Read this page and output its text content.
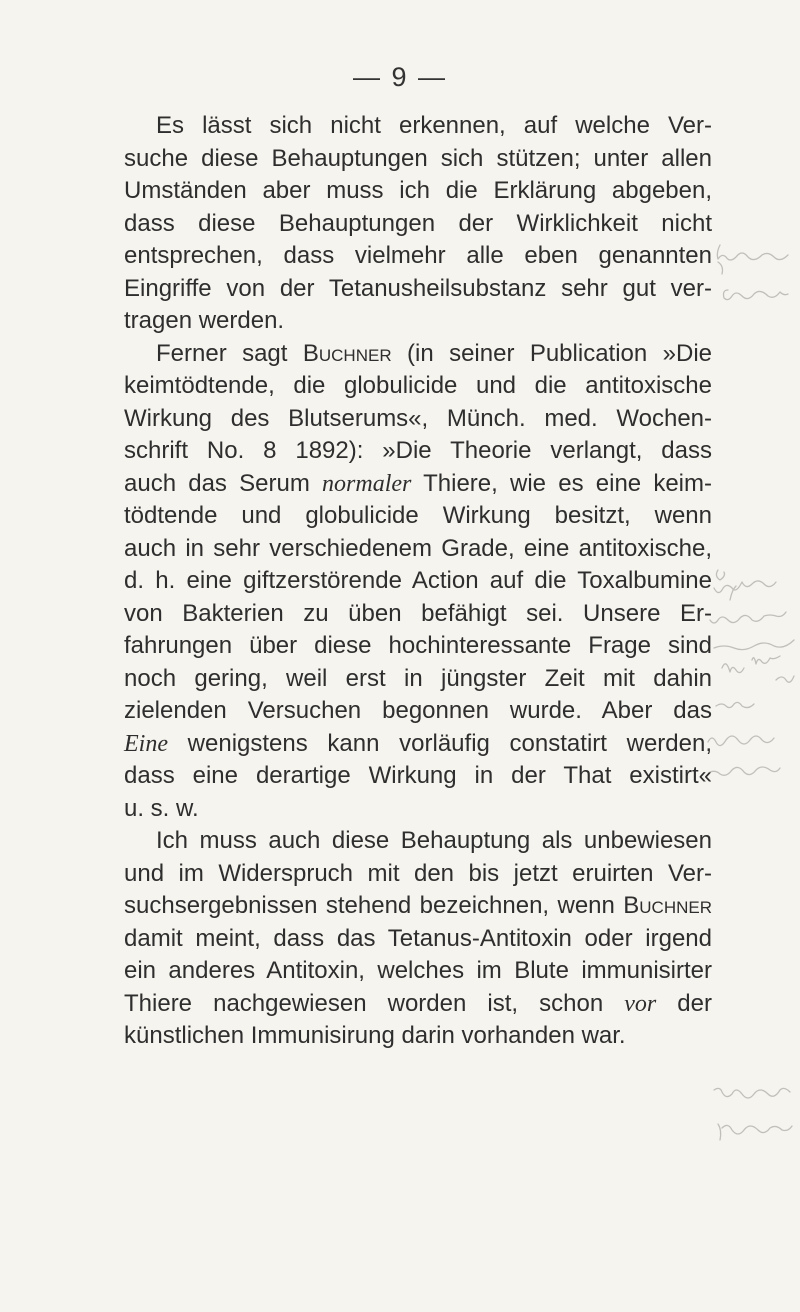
— 9 —
Es lässt sich nicht erkennen, auf welche Ver-
suche diese Behauptungen sich stützen; unter allen
Umständen aber muss ich die Erklärung abgeben,
dass diese Behauptungen der Wirklichkeit nicht
entsprechen, dass vielmehr alle eben genannten
Eingriffe von der Tetanusheilsubstanz sehr gut ver-
tragen werden.
Ferner sagt Buchner (in seiner Publication »Die
keimtödtende, die globulicide und die antitoxische
Wirkung des Blutserums«, Münch. med. Wochen-
schrift No. 8 1892): »Die Theorie verlangt, dass
auch das Serum normaler Thiere, wie es eine keim-
tödtende und globulicide Wirkung besitzt, wenn
auch in sehr verschiedenem Grade, eine antitoxische,
d. h. eine giftzerstörende Action auf die Toxalbumine
von Bakterien zu üben befähigt sei. Unsere Er-
fahrungen über diese hochinteressante Frage sind
noch gering, weil erst in jüngster Zeit mit dahin
zielenden Versuchen begonnen wurde. Aber das
Eine wenigstens kann vorläufig constatirt werden,
dass eine derartige Wirkung in der That existirt«
u. s. w.
Ich muss auch diese Behauptung als unbewiesen
und im Widerspruch mit den bis jetzt eruirten Ver-
suchsergebnissen stehend bezeichnen, wenn Buchner
damit meint, dass das Tetanus-Antitoxin oder irgend
ein anderes Antitoxin, welches im Blute immunisirter
Thiere nachgewiesen worden ist, schon vor der
künstlichen Immunisirung darin vorhanden war.
